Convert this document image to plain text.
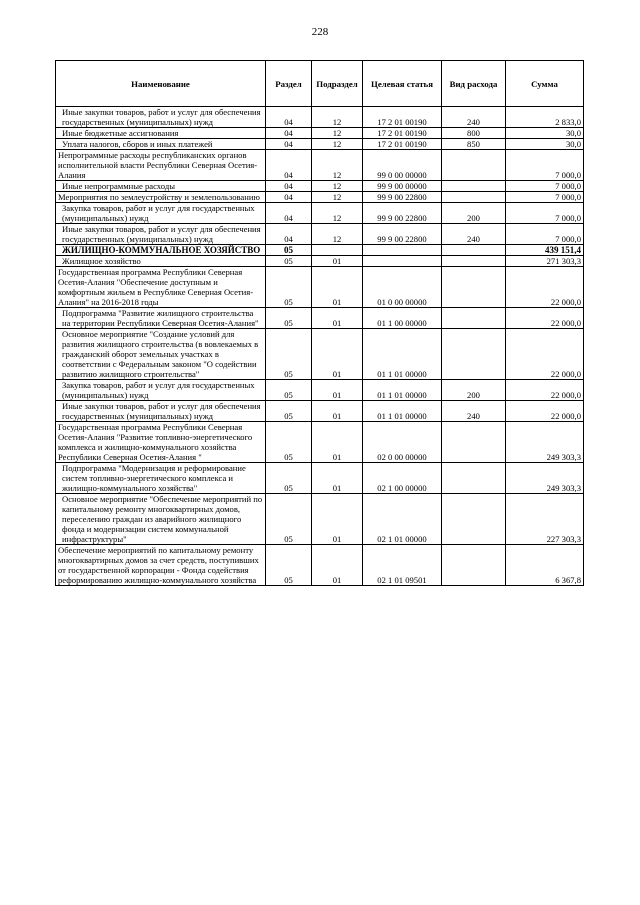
228
Наименование	Раздел	Подраздел	Целевая статья	Вид расхода	Сумма
Иные закупки товаров, работ и услуг для обеспечения государственных (муниципальных) нужд	04	12	17 2 01 00190	240	2 833,0
Иные бюджетные ассигнования	04	12	17 2 01 00190	800	30,0
Уплата налогов, сборов и иных платежей	04	12	17 2 01 00190	850	30,0
Непрограммные расходы республиканских органов исполнительной власти Республики Северная Осетия-Алания	04	12	99 0 00 00000		7 000,0
Иные непрограммные расходы	04	12	99 9 00 00000		7 000,0
Мероприятия по землеустройству и землепользованию	04	12	99 9 00 22800		7 000,0
Закупка товаров, работ и услуг для государственных (муниципальных) нужд	04	12	99 9 00 22800	200	7 000,0
Иные закупки товаров, работ и услуг для обеспечения государственных (муниципальных) нужд	04	12	99 9 00 22800	240	7 000,0
ЖИЛИЩНО-КОММУНАЛЬНОЕ ХОЗЯЙСТВО	05				439 151,4
Жилищное хозяйство	05	01			271 303,3
Государственная программа Республики Северная Осетия-Алания "Обеспечение доступным и комфортным жильем в Республике Северная Осетия-Алания" на 2016-2018 годы	05	01	01 0 00 00000		22 000,0
Подпрограмма "Развитие жилищного строительства на территории Республики Северная Осетия-Алания"	05	01	01 1 00 00000		22 000,0
Основное мероприятие "Создание условий для развития жилищного строительства (в вовлекаемых в гражданский оборот земельных участках в соответствии с Федеральным законом "О содействии развитию жилищного строительства"	05	01	01 1 01 00000		22 000,0
Закупка товаров, работ и услуг для государственных (муниципальных) нужд	05	01	01 1 01 00000	200	22 000,0
Иные закупки товаров, работ и услуг для обеспечения государственных (муниципальных) нужд	05	01	01 1 01 00000	240	22 000,0
Государственная программа Республики Северная Осетия-Алания "Развитие топливно-энергетического комплекса и жилищно-коммунального хозяйства Республики Северная Осетия-Алания "	05	01	02 0 00 00000		249 303,3
Подпрограмма "Модернизация и реформирование систем топливно-энергетического комплекса и жилищно-коммунального хозяйства"	05	01	02 1 00 00000		249 303,3
Основное мероприятие "Обеспечение мероприятий по капитальному ремонту многоквартирных домов, переселению граждан из аварийного жилищного фонда и модернизации систем коммунальной инфраструктуры"	05	01	02 1 01 00000		227 303,3
Обеспечение мероприятий по капитальному ремонту многоквартирных домов за счет средств, поступивших от государственной корпорации - Фонда содействия реформированию жилищно-коммунального хозяйства	05	01	02 1 01 09501		6 367,8
